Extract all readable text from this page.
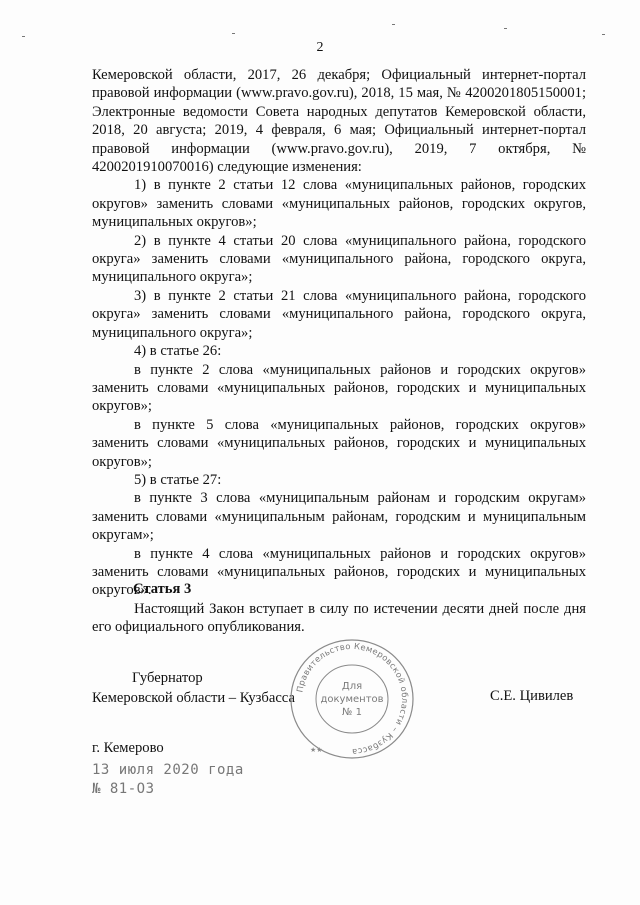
2

Кемеровской области, 2017, 26 декабря; Официальный интернет-портал правовой информации (www.pravo.gov.ru), 2018, 15 мая, № 4200201805150001; Электронные ведомости Совета народных депутатов Кемеровской области, 2018, 20 августа; 2019, 4 февраля, 6 мая; Официальный интернет-портал правовой информации (www.pravo.gov.ru), 2019, 7 октября, № 4200201910070016) следующие изменения:

1) в пункте 2 статьи 12 слова «муниципальных районов, городских округов» заменить словами «муниципальных районов, городских округов, муниципальных округов»;

2) в пункте 4 статьи 20 слова «муниципального района, городского округа» заменить словами «муниципального района, городского округа, муниципального округа»;

3) в пункте 2 статьи 21 слова «муниципального района, городского округа» заменить словами «муниципального района, городского округа, муниципального округа»;

4) в статье 26:

в пункте 2 слова «муниципальных районов и городских округов» заменить словами «муниципальных районов, городских и муниципальных округов»;

в пункте 5 слова «муниципальных районов, городских округов» заменить словами «муниципальных районов, городских и муниципальных округов»;

5) в статье 27:

в пункте 3 слова «муниципальным районам и городским округам» заменить словами «муниципальным районам, городским и муниципальным округам»;

в пункте 4 слова «муниципальных районов и городских округов» заменить словами «муниципальных районов, городских и муниципальных округов».

Статья 3
Настоящий Закон вступает в силу по истечении десяти дней после дня его официального опубликования.
Губернатор
Кемеровской области – Кузбасса
Правительство Кемеровской области – Кузбасса
Для
документов
№ 1
★★
С.Е. Цивилев
г. Кемерово
13 июля 2020 года
№ 81-ОЗ
